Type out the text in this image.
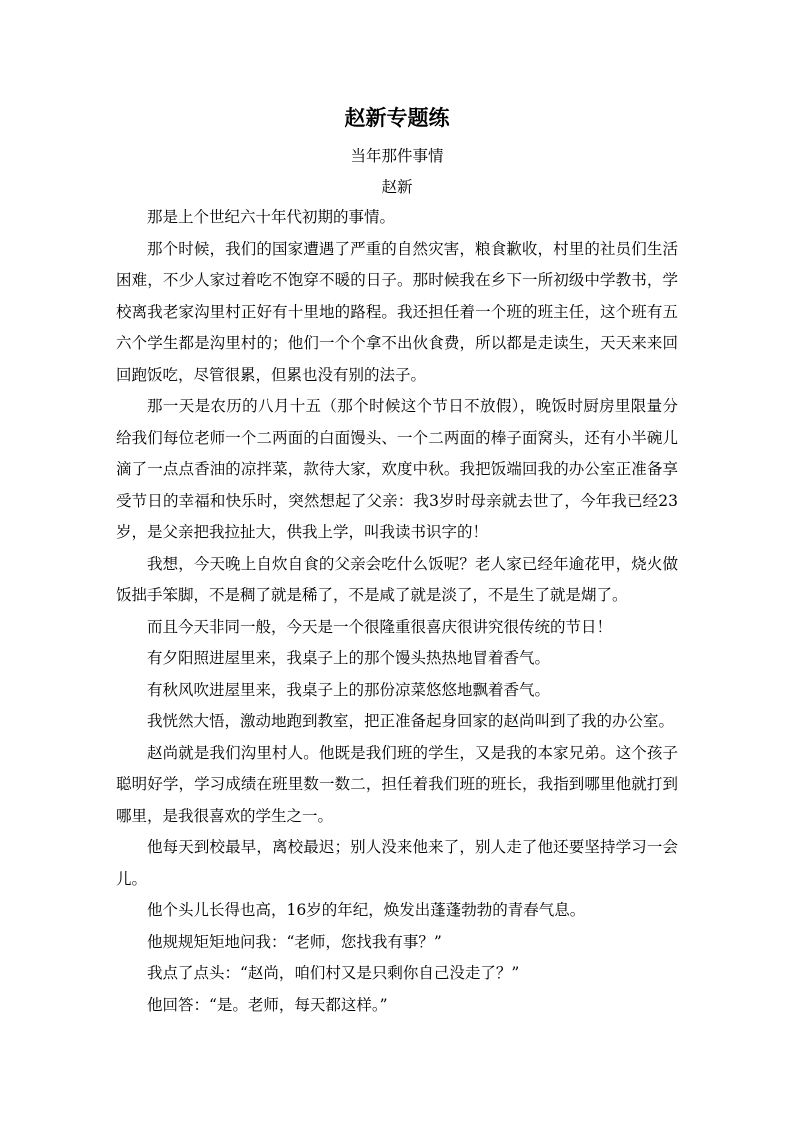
赵新专题练
当年那件事情
赵新

那是上个世纪六十年代初期的事情。

那个时候，我们的国家遭遇了严重的自然灾害，粮食歉收，村里的社员们生活困难，不少人家过着吃不饱穿不暖的日子。那时候我在乡下一所初级中学教书，学校离我老家沟里村正好有十里地的路程。我还担任着一个班的班主任，这个班有五六个学生都是沟里村的；他们一个个拿不出伙食费，所以都是走读生，天天来来回回跑饭吃，尽管很累，但累也没有别的法子。

那一天是农历的八月十五（那个时候这个节日不放假），晚饭时厨房里限量分给我们每位老师一个二两面的白面馒头、一个二两面的棒子面窝头，还有小半碗儿滴了一点点香油的凉拌菜，款待大家，欢度中秋。我把饭端回我的办公室正准备享受节日的幸福和快乐时，突然想起了父亲：我3岁时母亲就去世了，今年我已经23岁，是父亲把我拉扯大，供我上学，叫我读书识字的！

我想，今天晚上自炊自食的父亲会吃什么饭呢？老人家已经年逾花甲，烧火做饭拙手笨脚，不是稠了就是稀了，不是咸了就是淡了，不是生了就是煳了。

而且今天非同一般，今天是一个很隆重很喜庆很讲究很传统的节日！

有夕阳照进屋里来，我桌子上的那个馒头热热地冒着香气。

有秋风吹进屋里来，我桌子上的那份凉菜悠悠地飘着香气。

我恍然大悟，激动地跑到教室，把正准备起身回家的赵尚叫到了我的办公室。

赵尚就是我们沟里村人。他既是我们班的学生，又是我的本家兄弟。这个孩子聪明好学，学习成绩在班里数一数二，担任着我们班的班长，我指到哪里他就打到哪里，是我很喜欢的学生之一。

他每天到校最早，离校最迟；别人没来他来了，别人走了他还要坚持学习一会儿。

他个头儿长得也高，16岁的年纪，焕发出蓬蓬勃勃的青春气息。

他规规矩矩地问我：“老师，您找我有事？”

我点了点头：“赵尚，咱们村又是只剩你自己没走了？”

他回答：“是。老师，每天都这样。”
